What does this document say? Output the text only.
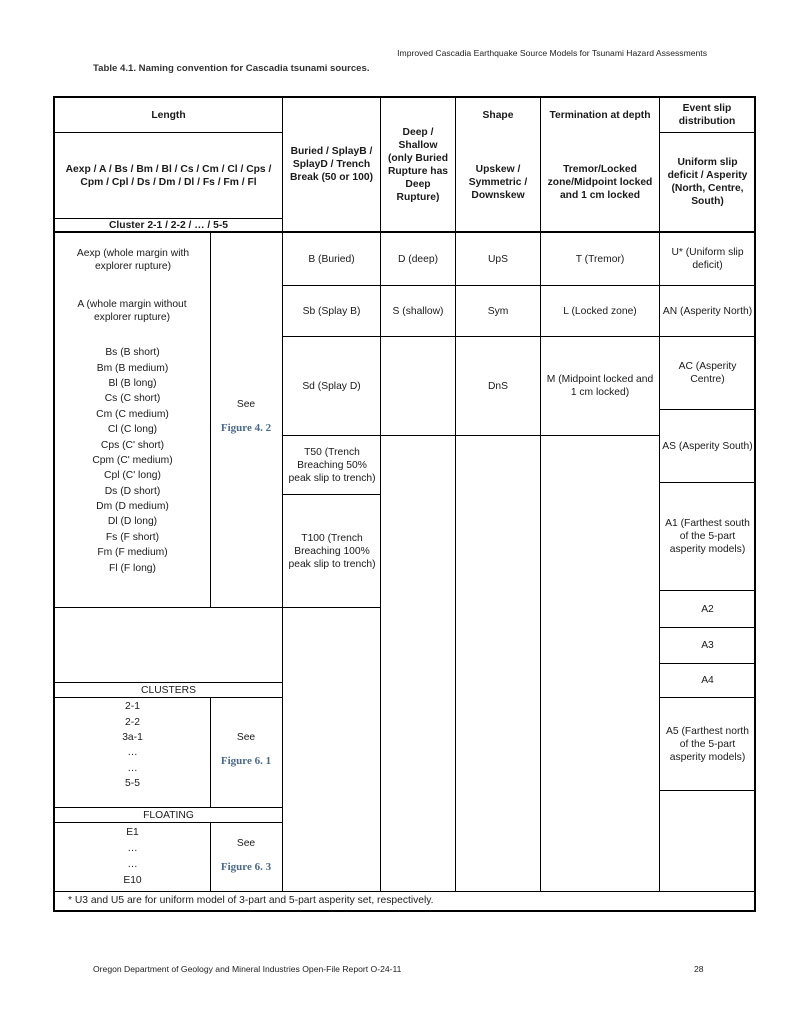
Improved Cascadia Earthquake Source Models for Tsunami Hazard Assessments
Table 4.1. Naming convention for Cascadia tsunami sources.
Length
Aexp / A / Bs / Bm / Bl / Cs / Cm / Cl / Cps / Cpm / Cpl / Ds / Dm / Dl / Fs / Fm / Fl
Cluster 2-1 / 2-2 / … / 5-5
Buried / SplayB / SplayD / Trench Break (50 or 100)
Deep / Shallow
(only Buried Rupture has Deep Rupture)
Shape
Upskew / Symmetric / Downskew
Termination at depth
Tremor/Locked zone/Midpoint locked and 1 cm locked
Event slip distribution
Uniform slip deficit / Asperity (North, Centre, South)
Aexp (whole margin with explorer rupture)
A (whole margin without explorer rupture)
Bs (B short)
Bm (B medium)
Bl (B long)
Cs (C short)
Cm (C medium)
Cl (C long)
Cps (C' short)
Cpm (C' medium)
Cpl (C' long)
Ds (D short)
Dm (D medium)
Dl (D long)
Fs (F short)
Fm (F medium)
Fl (F long)
See
Figure 4. 2
CLUSTERS
2-1
2-2
3a-1
…
…
5-5
See
Figure 6. 1
FLOATING
E1
…
…
E10
See
Figure 6. 3
B (Buried)
Sb (Splay B)
Sd (Splay D)
T50 (Trench Breaching 50% peak slip to trench)
T100 (Trench Breaching 100% peak slip to trench)
D (deep)
S (shallow)
UpS
Sym
DnS
T (Tremor)
L (Locked zone)
M (Midpoint locked and 1 cm locked)
U* (Uniform slip deficit)
AN (Asperity North)
AC (Asperity Centre)
AS (Asperity South)
A1 (Farthest south of the 5-part asperity models)
A2
A3
A4
A5 (Farthest north of the 5-part asperity models)
* U3 and U5 are for uniform model of 3-part and 5-part asperity set, respectively.
Oregon Department of Geology and Mineral Industries Open-File Report O-24-11	28
